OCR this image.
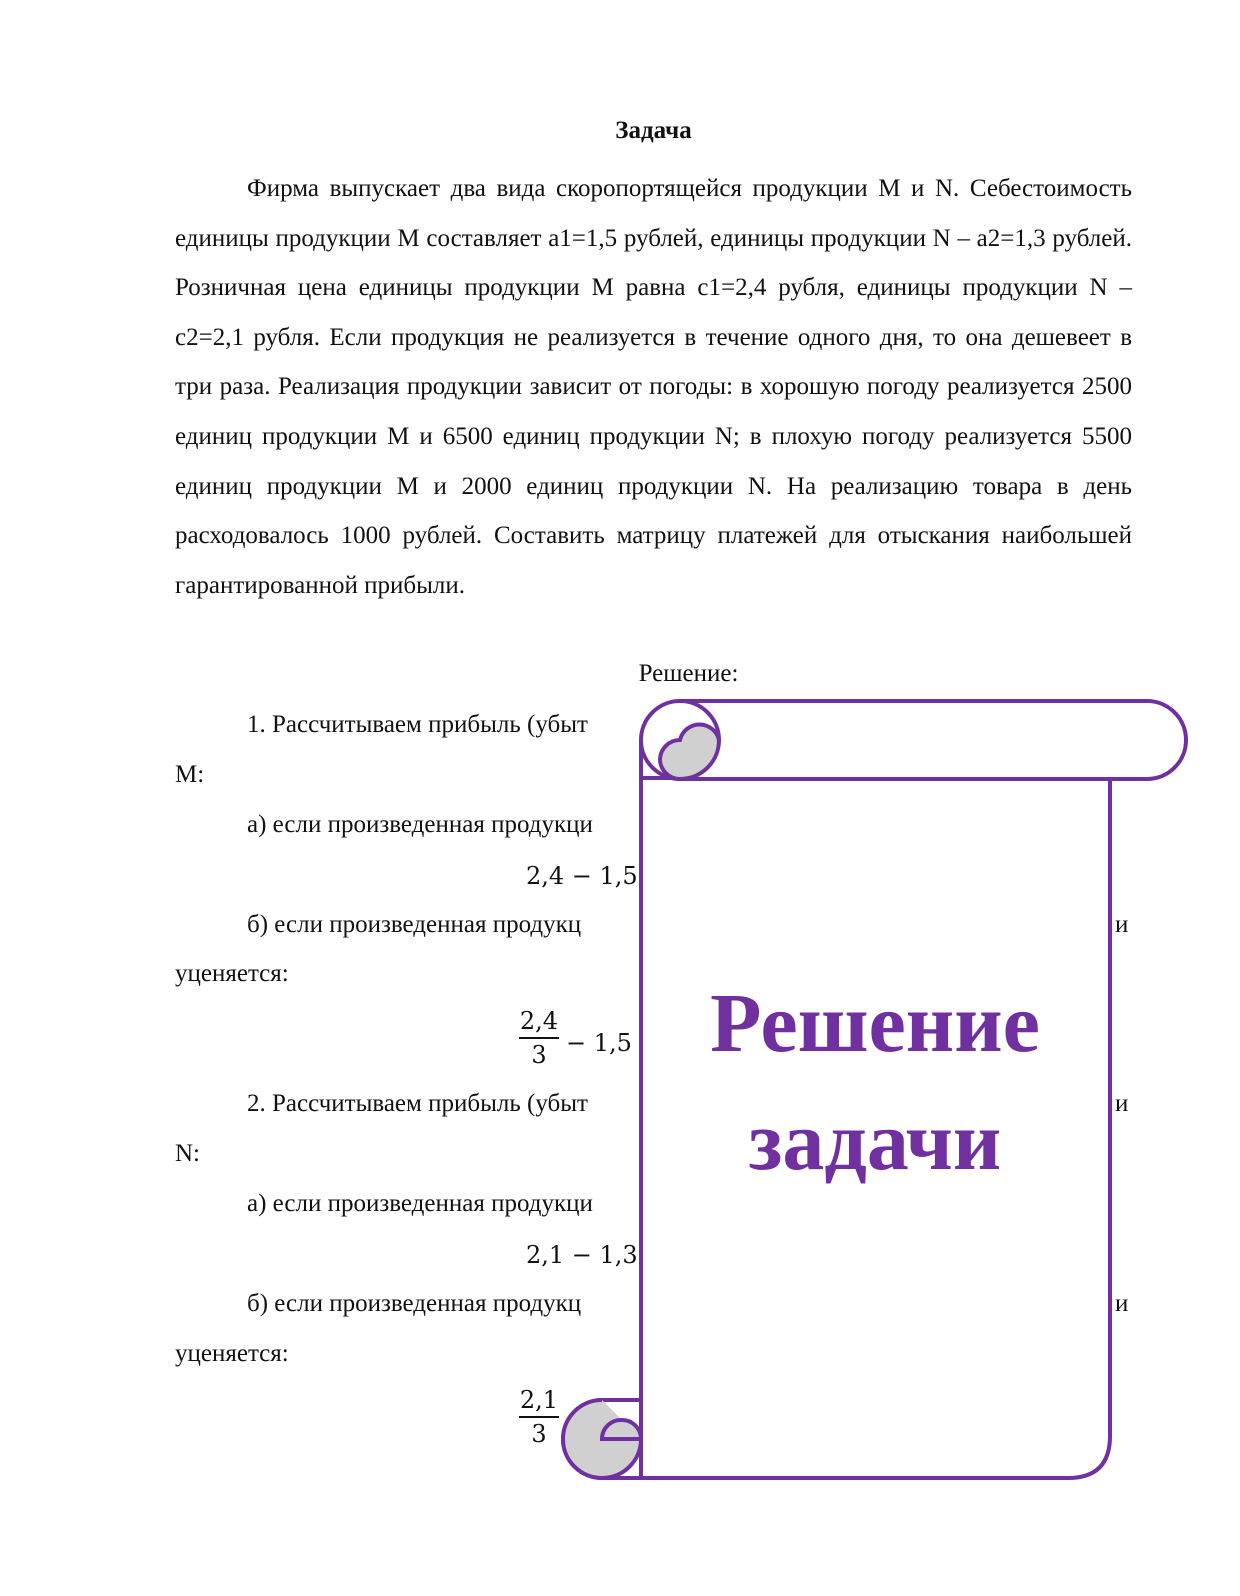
Задача

Фирма выпускает два вида скоропортящейся продукции M и N. Себестоимость единицы продукции M составляет a1=1,5 рублей, единицы продукции N – a2=1,3 рублей. Розничная цена единицы продукции M равна c1=2,4 рубля, единицы продукции N – c2=2,1 рубля. Если продукция не реализуется в течение одного дня, то она дешевеет в три раза. Реализация продукции зависит от погоды: в хорошую погоду реализуется 2500 единиц продукции M и 6500 единиц продукции N; в плохую погоду реализуется 5500 единиц продукции M и 2000 единиц продукции N. На реализацию товара в день расходовалось 1000 рублей. Составить матрицу платежей для отыскания наибольшей гарантированной прибыли.

Решение:
1. Рассчитываем прибыль (убыт
M:
а) если произведенная продукци
2,4 − 1,5
б) если произведенная продукц	и
уценяется:
$\frac{2,4}{3} - 1,5$
2. Рассчитываем прибыль (убыт	и
N:
а) если произведенная продукци
2,1 − 1,3
б) если произведенная продукц	и
уценяется:
$\frac{2,1}{3}$
Решение
задачи
